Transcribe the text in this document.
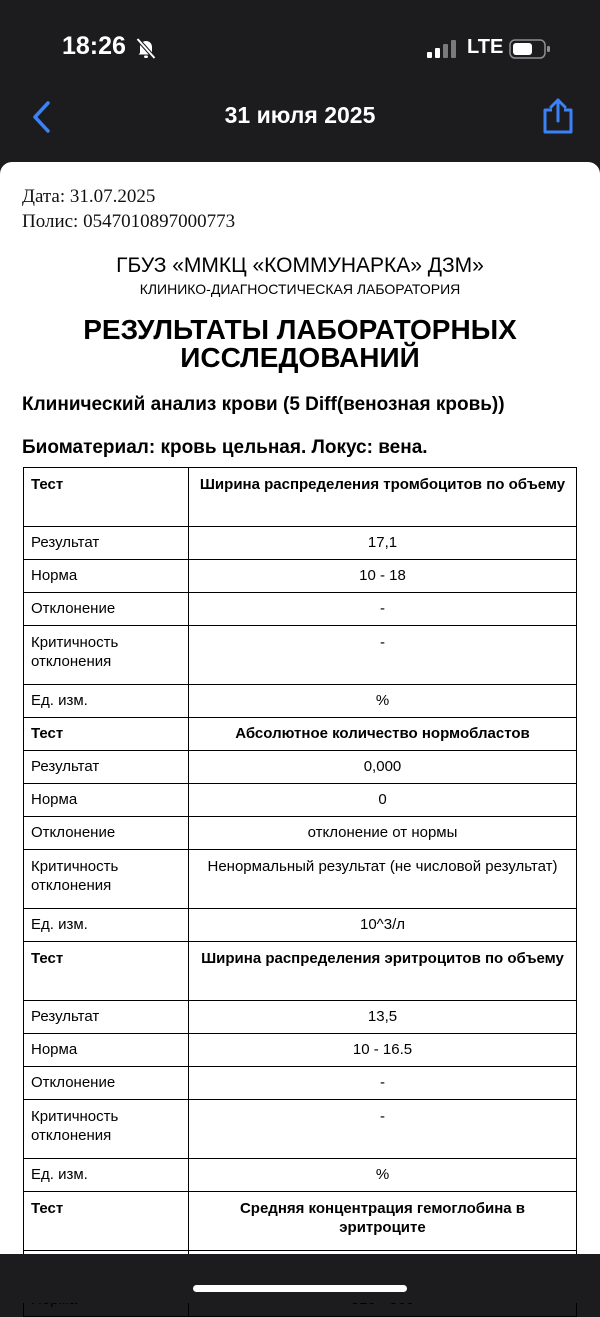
18:26	LTE
31 июля 2025
Дата: 31.07.2025
Полис: 0547010897000773
ГБУЗ «ММКЦ «КОММУНАРКА» ДЗМ»
КЛИНИКО-ДИАГНОСТИЧЕСКАЯ ЛАБОРАТОРИЯ
РЕЗУЛЬТАТЫ ЛАБОРАТОРНЫХ
ИССЛЕДОВАНИЙ
Клинический анализ крови (5 Diff(венозная кровь))
Биоматериал: кровь цельная. Локус: вена.
Тест	Ширина распределения тромбоцитов по объему
Результат	17,1
Норма	10 - 18
Отклонение	-
Критичность отклонения	-
Ед. изм.	%
Тест	Абсолютное количество нормобластов
Результат	0,000
Норма	0
Отклонение	отклонение от нормы
Критичность отклонения	Ненормальный результат (не числовой результат)
Ед. изм.	10^3/л
Тест	Ширина распределения эритроцитов по объему
Результат	13,5
Норма	10 - 16.5
Отклонение	-
Критичность отклонения	-
Ед. изм.	%
Тест	Средняя концентрация гемоглобина в эритроците
